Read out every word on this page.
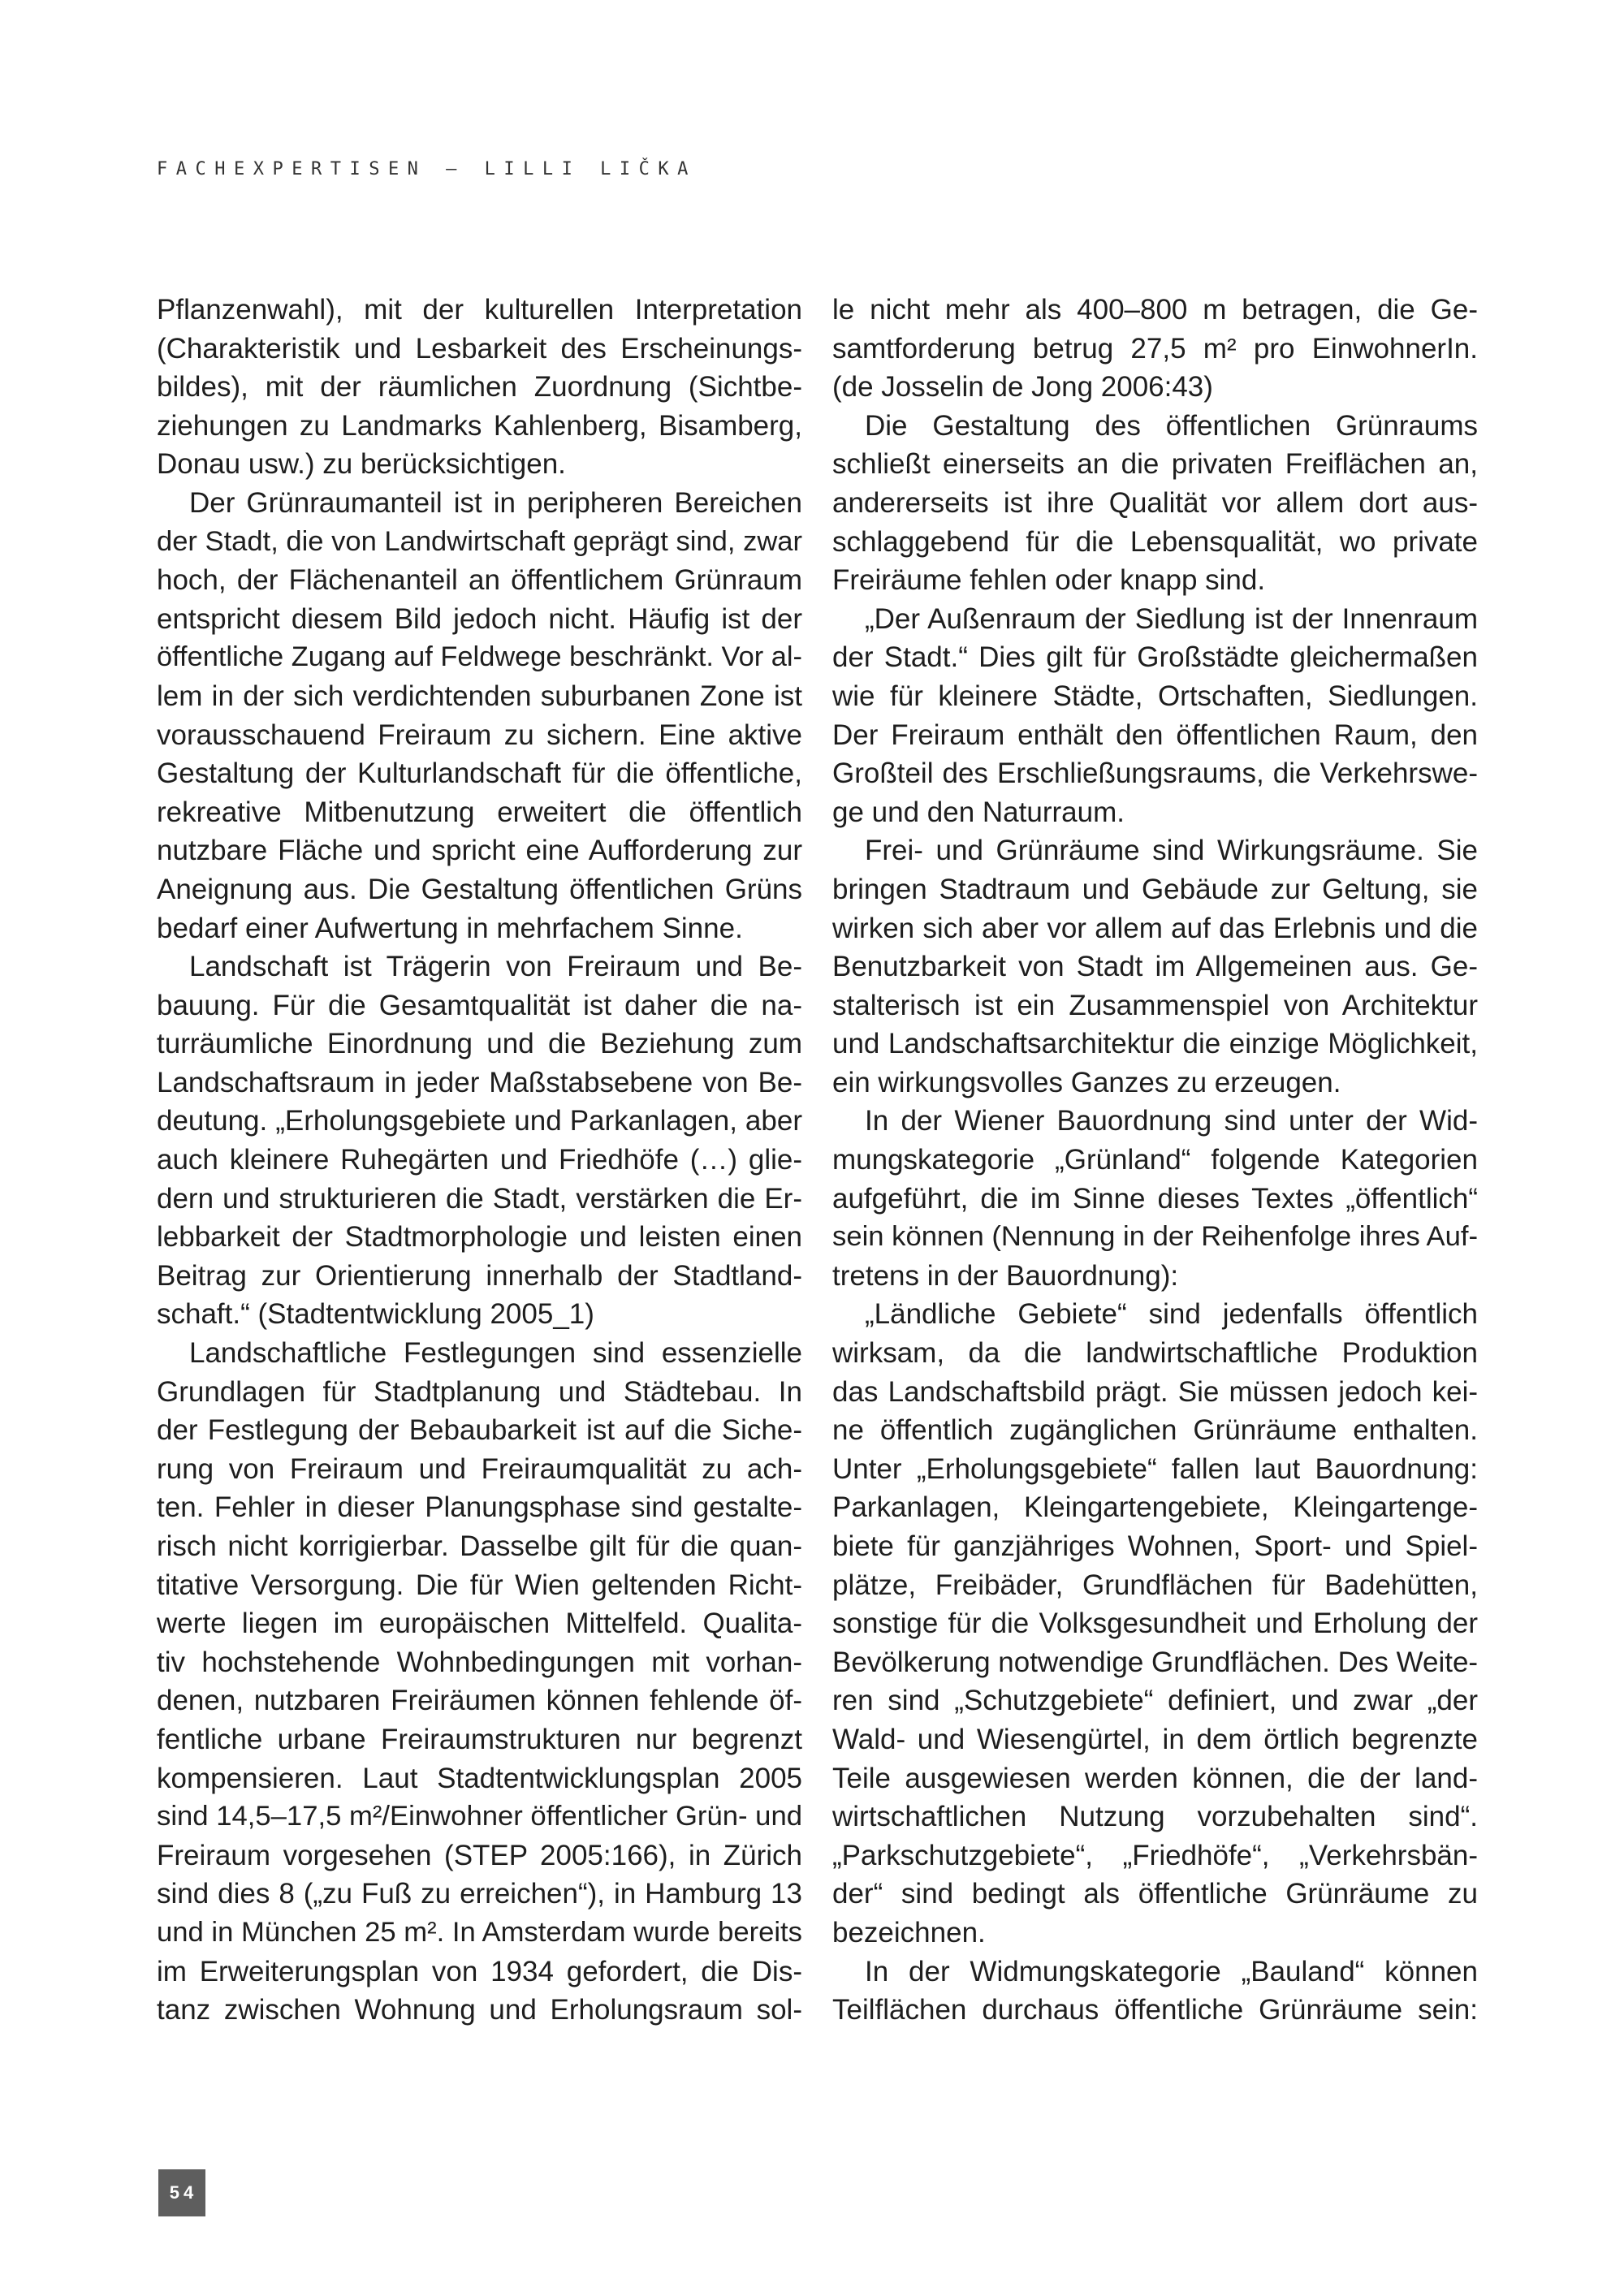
FACHEXPERTISEN – LILLI LIČKA
Pflanzenwahl), mit der kulturellen Interpretation
(Charakteristik und Lesbarkeit des Erscheinungs-
bildes), mit der räumlichen Zuordnung (Sichtbe-
ziehungen zu Landmarks Kahlenberg, Bisamberg,
Donau usw.) zu berücksichtigen.
Der Grünraumanteil ist in peripheren Bereichen
der Stadt, die von Landwirtschaft geprägt sind, zwar
hoch, der Flächenanteil an öffentlichem Grünraum
entspricht diesem Bild jedoch nicht. Häufig ist der
öffentliche Zugang auf Feldwege beschränkt. Vor al-
lem in der sich verdichtenden suburbanen Zone ist
vorausschauend Freiraum zu sichern. Eine aktive
Gestaltung der Kulturlandschaft für die öffentliche,
rekreative Mitbenutzung erweitert die öffentlich
nutzbare Fläche und spricht eine Aufforderung zur
Aneignung aus. Die Gestaltung öffentlichen Grüns
bedarf einer Aufwertung in mehrfachem Sinne.
Landschaft ist Trägerin von Freiraum und Be-
bauung. Für die Gesamtqualität ist daher die na-
turräumliche Einordnung und die Beziehung zum
Landschaftsraum in jeder Maßstabsebene von Be-
deutung. „Erholungsgebiete und Parkanlagen, aber
auch kleinere Ruhegärten und Friedhöfe (…) glie-
dern und strukturieren die Stadt, verstärken die Er-
lebbarkeit der Stadtmorphologie und leisten einen
Beitrag zur Orientierung innerhalb der Stadtland-
schaft.“ (Stadtentwicklung 2005_1)
Landschaftliche Festlegungen sind essenzielle
Grundlagen für Stadtplanung und Städtebau. In
der Festlegung der Bebaubarkeit ist auf die Siche-
rung von Freiraum und Freiraumqualität zu ach-
ten. Fehler in dieser Planungsphase sind gestalte-
risch nicht korrigierbar. Dasselbe gilt für die quan-
titative Versorgung. Die für Wien geltenden Richt-
werte liegen im europäischen Mittelfeld. Qualita-
tiv hochstehende Wohnbedingungen mit vorhan-
denen, nutzbaren Freiräumen können fehlende öf-
fentliche urbane Freiraumstrukturen nur begrenzt
kompensieren. Laut Stadtentwicklungsplan 2005
sind 14,5–17,5 m²/Einwohner öffentlicher Grün- und
Freiraum vorgesehen (STEP 2005:166), in Zürich
sind dies 8 („zu Fuß zu erreichen“), in Hamburg 13
und in München 25 m². In Amsterdam wurde bereits
im Erweiterungsplan von 1934 gefordert, die Dis-
tanz zwischen Wohnung und Erholungsraum sol-
le nicht mehr als 400–800 m betragen, die Ge-
samtforderung betrug 27,5 m² pro EinwohnerIn.
(de Josselin de Jong 2006:43)
Die Gestaltung des öffentlichen Grünraums
schließt einerseits an die privaten Freiflächen an,
andererseits ist ihre Qualität vor allem dort aus-
schlaggebend für die Lebensqualität, wo private
Freiräume fehlen oder knapp sind.
„Der Außenraum der Siedlung ist der Innenraum
der Stadt.“ Dies gilt für Großstädte gleichermaßen
wie für kleinere Städte, Ortschaften, Siedlungen.
Der Freiraum enthält den öffentlichen Raum, den
Großteil des Erschließungsraums, die Verkehrswe-
ge und den Naturraum.
Frei- und Grünräume sind Wirkungsräume. Sie
bringen Stadtraum und Gebäude zur Geltung, sie
wirken sich aber vor allem auf das Erlebnis und die
Benutzbarkeit von Stadt im Allgemeinen aus. Ge-
stalterisch ist ein Zusammenspiel von Architektur
und Landschaftsarchitektur die einzige Möglichkeit,
ein wirkungsvolles Ganzes zu erzeugen.
In der Wiener Bauordnung sind unter der Wid-
mungskategorie „Grünland“ folgende Kategorien
aufgeführt, die im Sinne dieses Textes „öffentlich“
sein können (Nennung in der Reihenfolge ihres Auf-
tretens in der Bauordnung):
„Ländliche Gebiete“ sind jedenfalls öffentlich
wirksam, da die landwirtschaftliche Produktion
das Landschaftsbild prägt. Sie müssen jedoch kei-
ne öffentlich zugänglichen Grünräume enthalten.
Unter „Erholungsgebiete“ fallen laut Bauordnung:
Parkanlagen, Kleingartengebiete, Kleingartenge-
biete für ganzjähriges Wohnen, Sport- und Spiel-
plätze, Freibäder, Grundflächen für Badehütten,
sonstige für die Volksgesundheit und Erholung der
Bevölkerung notwendige Grundflächen. Des Weite-
ren sind „Schutzgebiete“ definiert, und zwar „der
Wald- und Wiesengürtel, in dem örtlich begrenzte
Teile ausgewiesen werden können, die der land-
wirtschaftlichen Nutzung vorzubehalten sind“.
„Parkschutzgebiete“, „Friedhöfe“, „Verkehrsbän-
der“ sind bedingt als öffentliche Grünräume zu
bezeichnen.
In der Widmungskategorie „Bauland“ können
Teilflächen durchaus öffentliche Grünräume sein:
54
